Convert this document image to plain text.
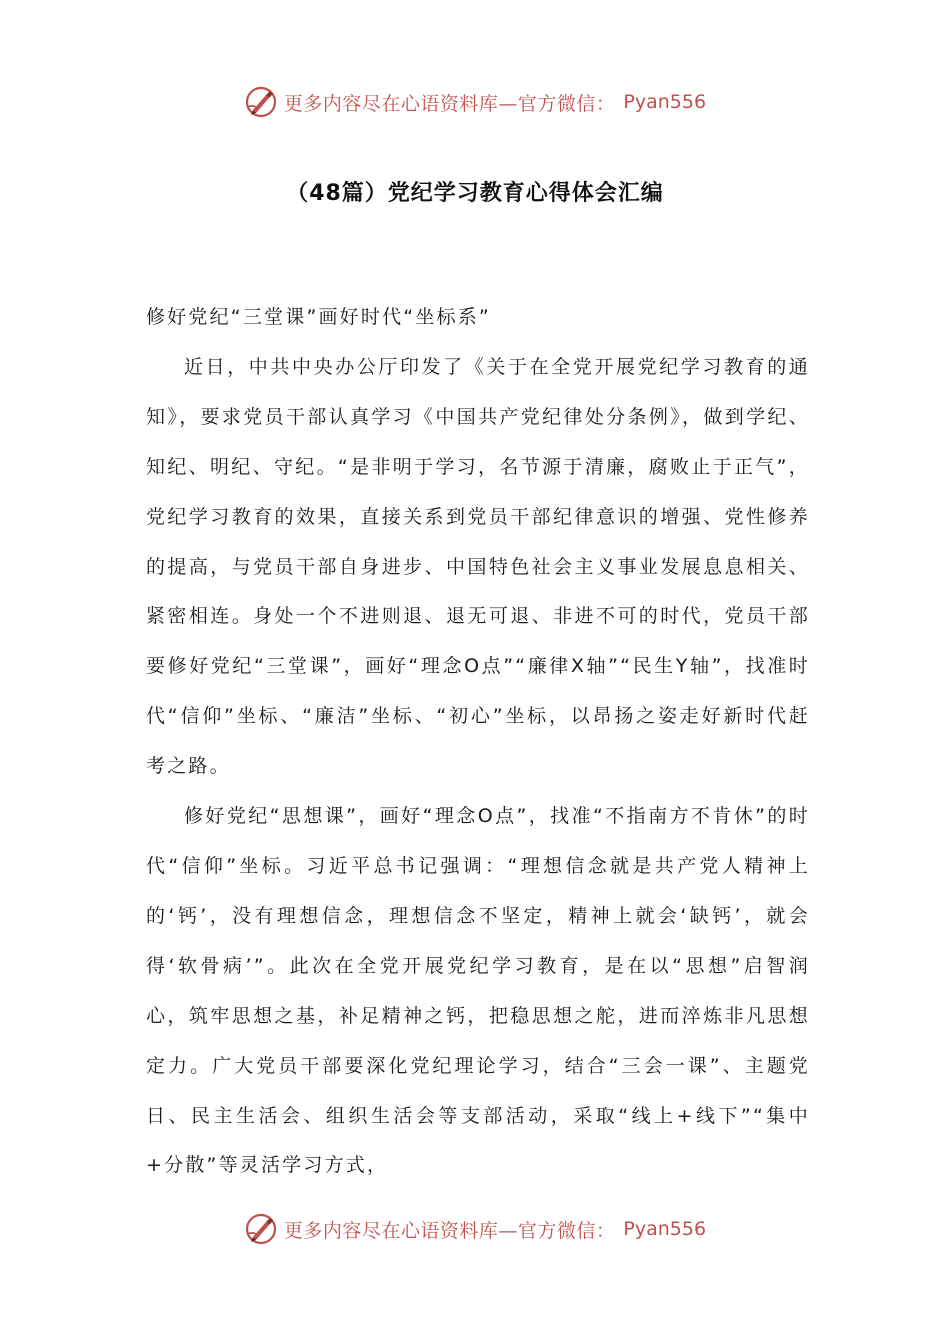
更多内容尽在心语资料库—官方微信： Pyan556
（48篇）党纪学习教育心得体会汇编

修好党纪“三堂课”画好时代“坐标系”

近日，中共中央办公厅印发了《关于在全党开展党纪学习教育的通知》，要求党员干部认真学习《中国共产党纪律处分条例》，做到学纪、知纪、明纪、守纪。“是非明于学习，名节源于清廉，腐败止于正气”，党纪学习教育的效果，直接关系到党员干部纪律意识的增强、党性修养的提高，与党员干部自身进步、中国特色社会主义事业发展息息相关、紧密相连。身处一个不进则退、退无可退、非进不可的时代，党员干部要修好党纪“三堂课”，画好“理念O点”“廉律X轴”“民生Y轴”，找准时代“信仰”坐标、“廉洁”坐标、“初心”坐标，以昂扬之姿走好新时代赶考之路。

修好党纪“思想课”，画好“理念O点”，找准“不指南方不肯休”的时代“信仰”坐标。习近平总书记强调：“理想信念就是共产党人精神上的‘钙’，没有理想信念，理想信念不坚定，精神上就会‘缺钙’，就会得‘软骨病’”。此次在全党开展党纪学习教育，是在以“思想”启智润心，筑牢思想之基，补足精神之钙，把稳思想之舵，进而淬炼非凡思想定力。广大党员干部要深化党纪理论学习，结合“三会一课”、主题党日、民主生活会、组织生活会等支部活动，采取“线上+线下”“集中+分散”等灵活学习方式，

更多内容尽在心语资料库—官方微信： Pyan556
